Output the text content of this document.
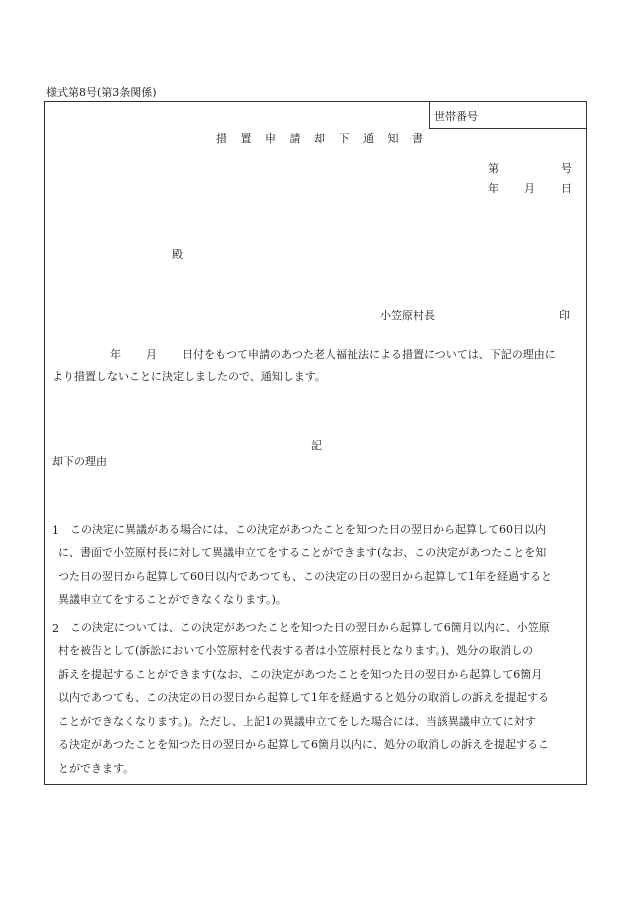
様式第8号(第3条関係)
世帯番号
措置申請却下通知書
第	号
年 月 日
殿
小笠原村長	印
年 月 日付をもつて申請のあつた老人福祉法による措置については、下記の理由に
より措置しないことに決定しましたので、通知します。
記
却下の理由
1 この決定に異議がある場合には、この決定があつたことを知つた日の翌日から起算して60日以内
に、書面で小笠原村長に対して異議申立てをすることができます(なお、この決定があつたことを知
つた日の翌日から起算して60日以内であつても、この決定の日の翌日から起算して1年を経過すると
異議申立てをすることができなくなります。)。
2 この決定については、この決定があつたことを知つた日の翌日から起算して6箇月以内に、小笠原
村を被告として(訴訟において小笠原村を代表する者は小笠原村長となります。)、処分の取消しの
訴えを提起することができます(なお、この決定があつたことを知つた日の翌日から起算して6箇月
以内であつても、この決定の日の翌日から起算して1年を経過すると処分の取消しの訴えを提起する
ことができなくなります。)。ただし、上記1の異議申立てをした場合には、当該異議申立てに対す
る決定があつたことを知つた日の翌日から起算して6箇月以内に、処分の取消しの訴えを提起するこ
とができます。
